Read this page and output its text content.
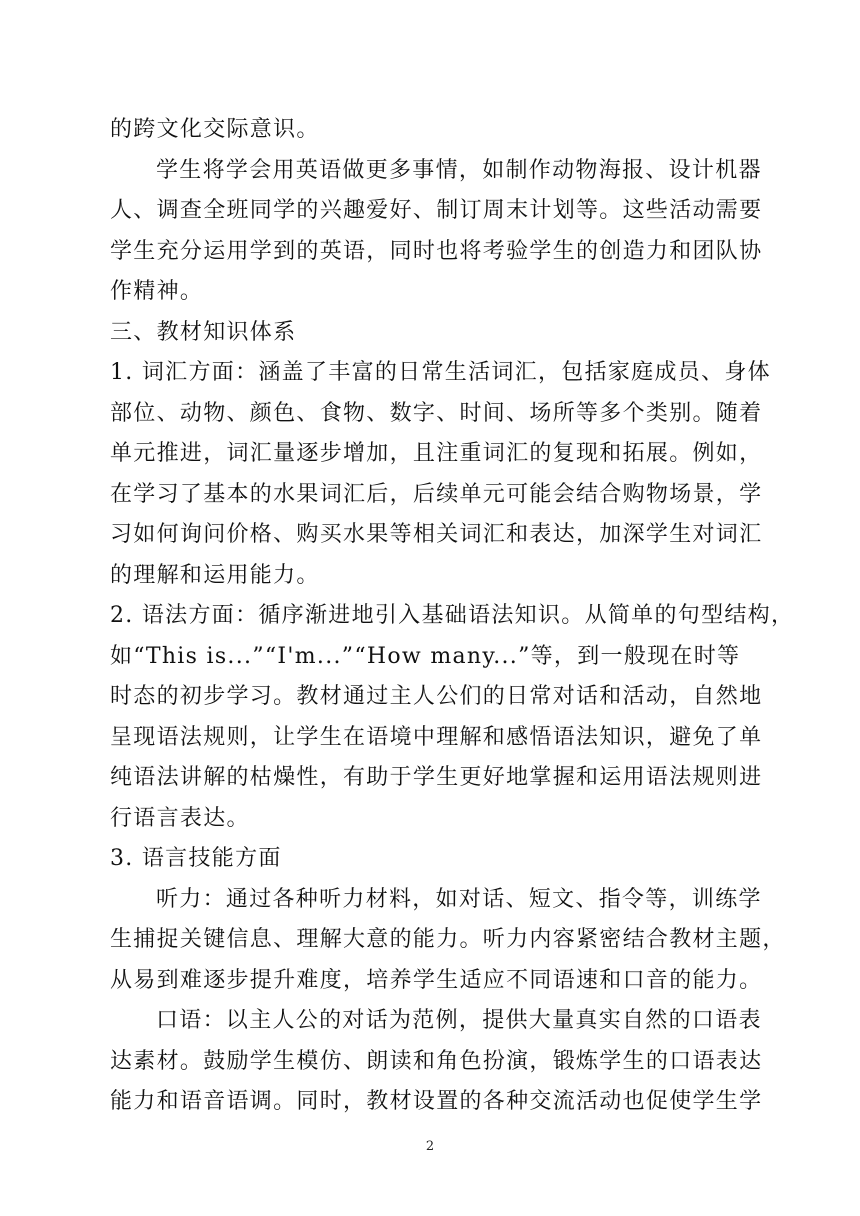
的跨文化交际意识。
学生将学会用英语做更多事情，如制作动物海报、设计机器
人、调查全班同学的兴趣爱好、制订周末计划等。这些活动需要
学生充分运用学到的英语，同时也将考验学生的创造力和团队协
作精神。
三、教材知识体系
1. 词汇方面：涵盖了丰富的日常生活词汇，包括家庭成员、身体
部位、动物、颜色、食物、数字、时间、场所等多个类别。随着
单元推进，词汇量逐步增加，且注重词汇的复现和拓展。例如，
在学习了基本的水果词汇后，后续单元可能会结合购物场景，学
习如何询问价格、购买水果等相关词汇和表达，加深学生对词汇
的理解和运用能力。
2. 语法方面：循序渐进地引入基础语法知识。从简单的句型结构，
如“This is...”“I'm...”“How many...”等，到一般现在时等
时态的初步学习。教材通过主人公们的日常对话和活动，自然地
呈现语法规则，让学生在语境中理解和感悟语法知识，避免了单
纯语法讲解的枯燥性，有助于学生更好地掌握和运用语法规则进
行语言表达。
3. 语言技能方面
听力：通过各种听力材料，如对话、短文、指令等，训练学
生捕捉关键信息、理解大意的能力。听力内容紧密结合教材主题，
从易到难逐步提升难度，培养学生适应不同语速和口音的能力。
口语：以主人公的对话为范例，提供大量真实自然的口语表
达素材。鼓励学生模仿、朗读和角色扮演，锻炼学生的口语表达
能力和语音语调。同时，教材设置的各种交流活动也促使学生学
2
